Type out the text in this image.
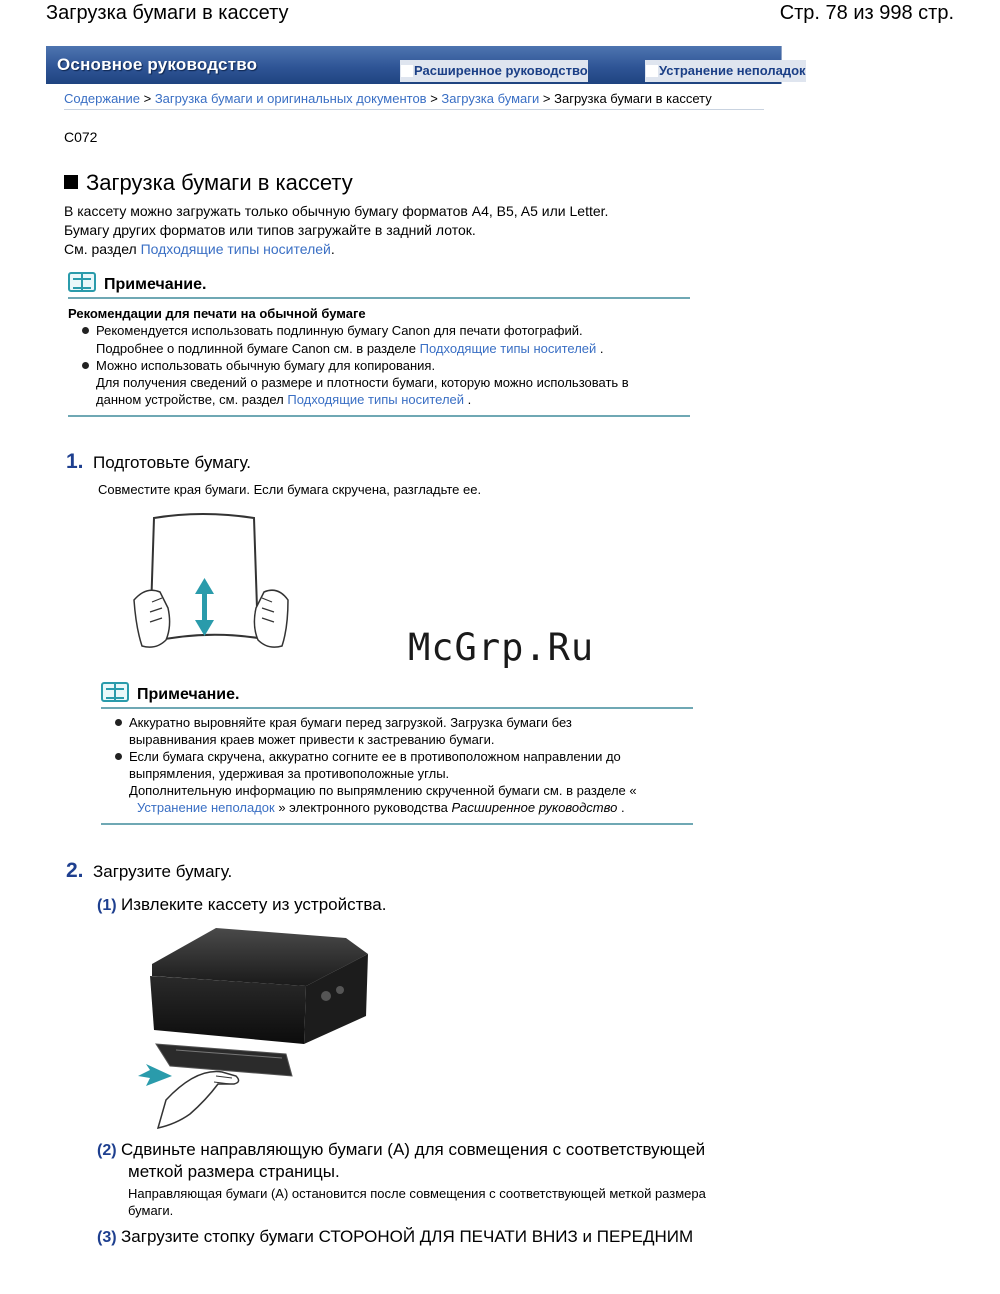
Загрузка бумаги в кассету	Стр. 78 из 998 стр.
Основное руководство	Расширенное руководство	Устранение неполадок
Содержание > Загрузка бумаги и оригинальных документов > Загрузка бумаги > Загрузка бумаги в кассету
C072
Загрузка бумаги в кассету
В кассету можно загружать только обычную бумагу форматов A4, B5, A5 или Letter.
Бумагу других форматов или типов загружайте в задний лоток.
См. раздел Подходящие типы носителей.
Примечание.
Рекомендации для печати на обычной бумаге
Рекомендуется использовать подлинную бумагу Canon для печати фотографий.
Подробнее о подлинной бумаге Canon см. в разделе Подходящие типы носителей .
Можно использовать обычную бумагу для копирования.
Для получения сведений о размере и плотности бумаги, которую можно использовать в
данном устройстве, см. раздел Подходящие типы носителей .
1. Подготовьте бумагу.
Совместите края бумаги. Если бумага скручена, разгладьте ее.
McGrp.Ru
Примечание.
Аккуратно выровняйте края бумаги перед загрузкой. Загрузка бумаги без
выравнивания краев может привести к застреванию бумаги.
Если бумага скручена, аккуратно согните ее в противоположном направлении до
выпрямления, удерживая за противоположные углы.
Дополнительную информацию по выпрямлению скрученной бумаги см. в разделе «
Устранение неполадок » электронного руководства Расширенное руководство .
2. Загрузите бумагу.
(1) Извлеките кассету из устройства.
(2) Сдвиньте направляющую бумаги (A) для совмещения с соответствующей
меткой размера страницы.
Направляющая бумаги (A) остановится после совмещения с соответствующей меткой размера
бумаги.
(3) Загрузите стопку бумаги СТОРОНОЙ ДЛЯ ПЕЧАТИ ВНИЗ и ПЕРЕДНИМ
